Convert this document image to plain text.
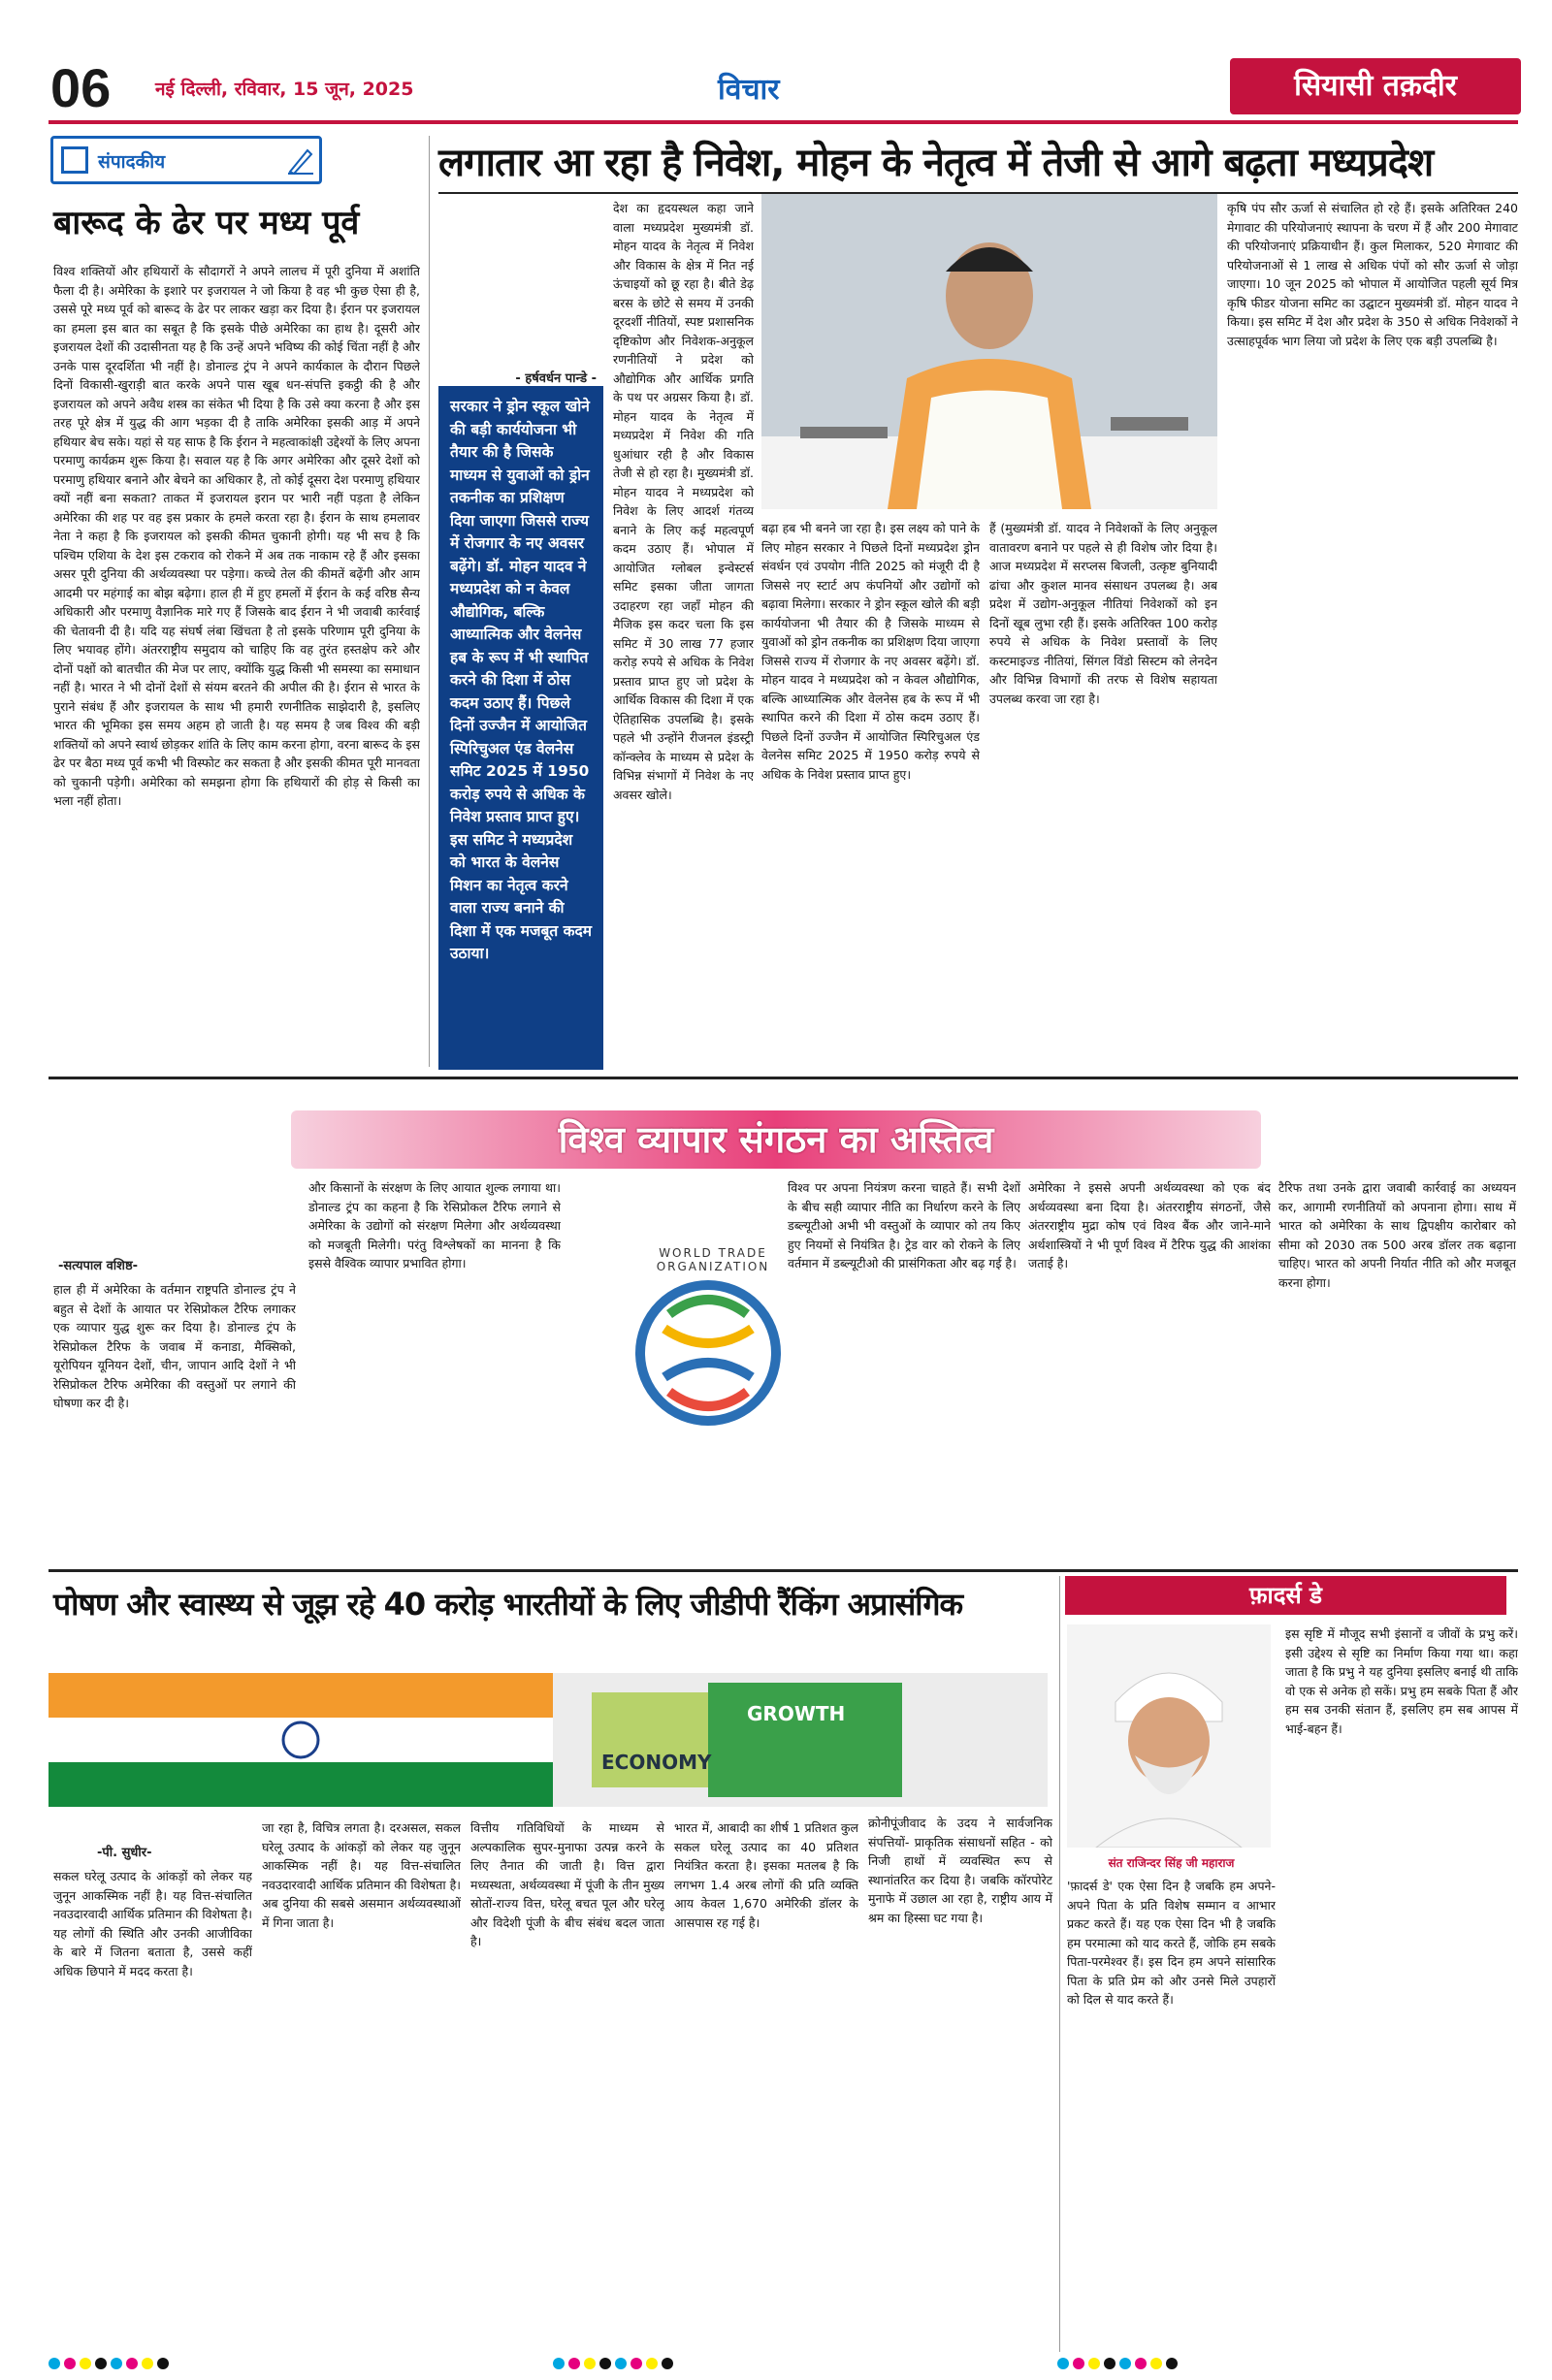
06	नई दिल्ली, रविवार, 15 जून, 2025	विचार	सियासी तक़दीर
संपादकीय
बारूद के ढेर पर मध्य पूर्व
विश्व शक्तियों और हथियारों के सौदागरों ने अपने लालच में पूरी दुनिया में अशांति फैला दी है। अमेरिका के इशारे पर इजरायल ने जो किया है वह भी कुछ ऐसा ही है, उससे पूरे मध्य पूर्व को बारूद के ढेर पर लाकर खड़ा कर दिया है। ईरान पर इजरायल का हमला इस बात का सबूत है कि इसके पीछे अमेरिका का हाथ है। दूसरी ओर इजरायल देशों की उदासीनता यह है कि उन्हें अपने भविष्य की कोई चिंता नहीं है और उनके पास दूरदर्शिता भी नहीं है। डोनाल्ड ट्रंप ने अपने कार्यकाल के दौरान पिछले दिनों विकासी-खुराड़ी बात करके अपने पास खूब धन-संपत्ति इकट्ठी की है और इजरायल को अपने अवैध शस्त्र का संकेत भी दिया है कि उसे क्या करना है और इस तरह पूरे क्षेत्र में युद्ध की आग भड़का दी है ताकि अमेरिका इसकी आड़ में अपने हथियार बेच सके। यहां से यह साफ है कि ईरान ने महत्वाकांक्षी उद्देश्यों के लिए अपना परमाणु कार्यक्रम शुरू किया है। सवाल यह है कि अगर अमेरिका और दूसरे देशों को परमाणु हथियार बनाने और बेचने का अधिकार है, तो कोई दूसरा देश परमाणु हथियार क्यों नहीं बना सकता? ताकत में इजरायल इरान पर भारी नहीं पड़ता है लेकिन अमेरिका की शह पर वह इस प्रकार के हमले करता रहा है। ईरान के साथ हमलावर नेता ने कहा है कि इजरायल को इसकी कीमत चुकानी होगी। यह भी सच है कि पश्चिम एशिया के देश इस टकराव को रोकने में अब तक नाकाम रहे हैं और इसका असर पूरी दुनिया की अर्थव्यवस्था पर पड़ेगा। कच्चे तेल की कीमतें बढ़ेंगी और आम आदमी पर महंगाई का बोझ बढ़ेगा। हाल ही में हुए हमलों में ईरान के कई वरिष्ठ सैन्य अधिकारी और परमाणु वैज्ञानिक मारे गए हैं जिसके बाद ईरान ने भी जवाबी कार्रवाई की चेतावनी दी है। यदि यह संघर्ष लंबा खिंचता है तो इसके परिणाम पूरी दुनिया के लिए भयावह होंगे। अंतरराष्ट्रीय समुदाय को चाहिए कि वह तुरंत हस्तक्षेप करे और दोनों पक्षों को बातचीत की मेज पर लाए, क्योंकि युद्ध किसी भी समस्या का समाधान नहीं है। भारत ने भी दोनों देशों से संयम बरतने की अपील की है। ईरान से भारत के पुराने संबंध हैं और इजरायल के साथ भी हमारी रणनीतिक साझेदारी है, इसलिए भारत की भूमिका इस समय अहम हो जाती है। यह समय है जब विश्व की बड़ी शक्तियों को अपने स्वार्थ छोड़कर शांति के लिए काम करना होगा, वरना बारूद के इस ढेर पर बैठा मध्य पूर्व कभी भी विस्फोट कर सकता है और इसकी कीमत पूरी मानवता को चुकानी पड़ेगी। अमेरिका को समझना होगा कि हथियारों की होड़ से किसी का भला नहीं होता।
लगातार आ रहा है निवेश, मोहन के नेतृत्व में तेजी से आगे बढ़ता मध्यप्रदेश
- हर्षवर्धन पान्डे -
सरकार ने ड्रोन स्कूल खोने की बड़ी कार्ययोजना भी तैयार की है जिसके माध्यम से युवाओं को ड्रोन तकनीक का प्रशिक्षण दिया जाएगा जिससे राज्य में रोजगार के नए अवसर बढ़ेंगे। डॉ. मोहन यादव ने मध्यप्रदेश को न केवल औद्योगिक, बल्कि आध्यात्मिक और वेलनेस हब के रूप में भी स्थापित करने की दिशा में ठोस कदम उठाए हैं। पिछले दिनों उज्जैन में आयोजित स्पिरिचुअल एंड वेलनेस समिट 2025 में 1950 करोड़ रुपये से अधिक के निवेश प्रस्ताव प्राप्त हुए। इस समिट ने मध्यप्रदेश को भारत के वेलनेस मिशन का नेतृत्व करने वाला राज्य बनाने की दिशा में एक मजबूत कदम उठाया।
देश का हृदयस्थल कहा जाने वाला मध्यप्रदेश मुख्यमंत्री डॉ. मोहन यादव के नेतृत्व में निवेश और विकास के क्षेत्र में नित नई ऊंचाइयों को छू रहा है। बीते डेढ़ बरस के छोटे से समय में उनकी दूरदर्शी नीतियों, स्पष्ट प्रशासनिक दृष्टिकोण और निवेशक-अनुकूल रणनीतियों ने प्रदेश को औद्योगिक और आर्थिक प्रगति के पथ पर अग्रसर किया है। डॉ. मोहन यादव के नेतृत्व में मध्यप्रदेश में निवेश की गति धुआंधार रही है और विकास तेजी से हो रहा है। मुख्यमंत्री डॉ. मोहन यादव ने मध्यप्रदेश को निवेश के लिए आदर्श गंतव्य बनाने के लिए कई महत्वपूर्ण कदम उठाए हैं। भोपाल में आयोजित ग्लोबल इन्वेस्टर्स समिट इसका जीता जागता उदाहरण रहा जहाँ मोहन की मैजिक इस कदर चला कि इस समिट में 30 लाख 77 हजार करोड़ रुपये से अधिक के निवेश प्रस्ताव प्राप्त हुए जो प्रदेश के आर्थिक विकास की दिशा में एक ऐतिहासिक उपलब्धि है। इसके पहले भी उन्होंने रीजनल इंडस्ट्री कॉन्क्लेव के माध्यम से प्रदेश के विभिन्न संभागों में निवेश के नए अवसर खोले।
बढ़ा हब भी बनने जा रहा है। इस लक्ष्य को पाने के लिए मोहन सरकार ने पिछले दिनों मध्यप्रदेश ड्रोन संवर्धन एवं उपयोग नीति 2025 को मंजूरी दी है जिससे नए स्टार्ट अप कंपनियों और उद्योगों को बढ़ावा मिलेगा। सरकार ने ड्रोन स्कूल खोले की बड़ी कार्ययोजना भी तैयार की है जिसके माध्यम से युवाओं को ड्रोन तकनीक का प्रशिक्षण दिया जाएगा जिससे राज्य में रोजगार के नए अवसर बढ़ेंगे। डॉ. मोहन यादव ने मध्यप्रदेश को न केवल औद्योगिक, बल्कि आध्यात्मिक और वेलनेस हब के रूप में भी स्थापित करने की दिशा में ठोस कदम उठाए हैं। पिछले दिनों उज्जैन में आयोजित स्पिरिचुअल एंड वेलनेस समिट 2025 में 1950 करोड़ रुपये से अधिक के निवेश प्रस्ताव प्राप्त हुए।
हैं (मुख्यमंत्री डॉ. यादव ने निवेशकों के लिए अनुकूल वातावरण बनाने पर पहले से ही विशेष जोर दिया है। आज मध्यप्रदेश में सरप्लस बिजली, उत्कृष्ट बुनियादी ढांचा और कुशल मानव संसाधन उपलब्ध है। अब प्रदेश में उद्योग-अनुकूल नीतियां निवेशकों को इन दिनों खूब लुभा रही हैं। इसके अतिरिक्त 100 करोड़ रुपये से अधिक के निवेश प्रस्तावों के लिए कस्टमाइज्ड नीतियां, सिंगल विंडो सिस्टम को लेनदेन और विभिन्न विभागों की तरफ से विशेष सहायता उपलब्ध करवा जा रहा है।
कृषि पंप सौर ऊर्जा से संचालित हो रहे हैं। इसके अतिरिक्त 240 मेगावाट की परियोजनाएं स्थापना के चरण में हैं और 200 मेगावाट की परियोजनाएं प्रक्रियाधीन हैं। कुल मिलाकर, 520 मेगावाट की परियोजनाओं से 1 लाख से अधिक पंपों को सौर ऊर्जा से जोड़ा जाएगा। 10 जून 2025 को भोपाल में आयोजित पहली सूर्य मित्र कृषि फीडर योजना समिट का उद्घाटन मुख्यमंत्री डॉ. मोहन यादव ने किया। इस समिट में देश और प्रदेश के 350 से अधिक निवेशकों ने उत्साहपूर्वक भाग लिया जो प्रदेश के लिए एक बड़ी उपलब्धि है।
विश्व व्यापार संगठन का अस्तित्व
-सत्यपाल वशिष्ठ-
हाल ही में अमेरिका के वर्तमान राष्ट्रपति डोनाल्ड ट्रंप ने बहुत से देशों के आयात पर रेसिप्रोकल टैरिफ लगाकर एक व्यापार युद्ध शुरू कर दिया है। डोनाल्ड ट्रंप के रेसिप्रोकल टैरिफ के जवाब में कनाडा, मैक्सिको, यूरोपियन यूनियन देशों, चीन, जापान आदि देशों ने भी रेसिप्रोकल टैरिफ अमेरिका की वस्तुओं पर लगाने की घोषणा कर दी है।
और किसानों के संरक्षण के लिए आयात शुल्क लगाया था। डोनाल्ड ट्रंप का कहना है कि रेसिप्रोकल टैरिफ लगाने से अमेरिका के उद्योगों को संरक्षण मिलेगा और अर्थव्यवस्था को मजबूती मिलेगी। परंतु विश्लेषकों का मानना है कि इससे वैश्विक व्यापार प्रभावित होगा।
WORLD TRADE ORGANIZATION
विश्व पर अपना नियंत्रण करना चाहते हैं। सभी देशों के बीच सही व्यापार नीति का निर्धारण करने के लिए डब्ल्यूटीओ अभी भी वस्तुओं के व्यापार को तय किए हुए नियमों से नियंत्रित है। ट्रेड वार को रोकने के लिए वर्तमान में डब्ल्यूटीओ की प्रासंगिकता और बढ़ गई है।
अमेरिका ने इससे अपनी अर्थव्यवस्था को एक बंद अर्थव्यवस्था बना दिया है। अंतरराष्ट्रीय संगठनों, जैसे अंतरराष्ट्रीय मुद्रा कोष एवं विश्व बैंक और जाने-माने अर्थशास्त्रियों ने भी पूर्ण विश्व में टैरिफ युद्ध की आशंका जताई है।
टैरिफ तथा उनके द्वारा जवाबी कार्रवाई का अध्ययन कर, आगामी रणनीतियों को अपनाना होगा। साथ में भारत को अमेरिका के साथ द्विपक्षीय कारोबार को सीमा को 2030 तक 500 अरब डॉलर तक बढ़ाना चाहिए। भारत को अपनी निर्यात नीति को और मजबूत करना होगा।
पोषण और स्वास्थ्य से जूझ रहे 40 करोड़ भारतीयों के लिए जीडीपी रैंकिंग अप्रासंगिक
GROWTH
ECONOMY
-पी. सुधीर-
सकल घरेलू उत्पाद के आंकड़ों को लेकर यह जुनून आकस्मिक नहीं है। यह वित्त-संचालित नवउदारवादी आर्थिक प्रतिमान की विशेषता है। यह लोगों की स्थिति और उनकी आजीविका के बारे में जितना बताता है, उससे कहीं अधिक छिपाने में मदद करता है।
जा रहा है, विचित्र लगता है। दरअसल, सकल घरेलू उत्पाद के आंकड़ों को लेकर यह जुनून आकस्मिक नहीं है। यह वित्त-संचालित नवउदारवादी आर्थिक प्रतिमान की विशेषता है। अब दुनिया की सबसे असमान अर्थव्यवस्थाओं में गिना जाता है।
वित्तीय गतिविधियों के माध्यम से अल्पकालिक सुपर-मुनाफा उत्पन्न करने के लिए तैनात की जाती है। वित्त द्वारा मध्यस्थता, अर्थव्यवस्था में पूंजी के तीन मुख्य स्रोतों-राज्य वित्त, घरेलू बचत पूल और घरेलू और विदेशी पूंजी के बीच संबंध बदल जाता है।
भारत में, आबादी का शीर्ष 1 प्रतिशत कुल सकल घरेलू उत्पाद का 40 प्रतिशत नियंत्रित करता है। इसका मतलब है कि लगभग 1.4 अरब लोगों की प्रति व्यक्ति आय केवल 1,670 अमेरिकी डॉलर के आसपास रह गई है।
क्रोनीपूंजीवाद के उदय ने सार्वजनिक संपत्तियों- प्राकृतिक संसाधनों सहित - को निजी हाथों में व्यवस्थित रूप से स्थानांतरित कर दिया है। जबकि कॉरपोरेट मुनाफे में उछाल आ रहा है, राष्ट्रीय आय में श्रम का हिस्सा घट गया है।
फ़ादर्स डे
संत राजिन्दर सिंह जी महाराज
'फ़ादर्स डे' एक ऐसा दिन है जबकि हम अपने-अपने पिता के प्रति विशेष सम्मान व आभार प्रकट करते हैं। यह एक ऐसा दिन भी है जबकि हम परमात्मा को याद करते हैं, जोकि हम सबके पिता-परमेश्वर हैं। इस दिन हम अपने सांसारिक पिता के प्रति प्रेम को और उनसे मिले उपहारों को दिल से याद करते हैं।
इस सृष्टि में मौजूद सभी इंसानों व जीवों के प्रभु करें। इसी उद्देश्य से सृष्टि का निर्माण किया गया था। कहा जाता है कि प्रभु ने यह दुनिया इसलिए बनाई थी ताकि वो एक से अनेक हो सकें। प्रभु हम सबके पिता हैं और हम सब उनकी संतान हैं, इसलिए हम सब आपस में भाई-बहन हैं।
